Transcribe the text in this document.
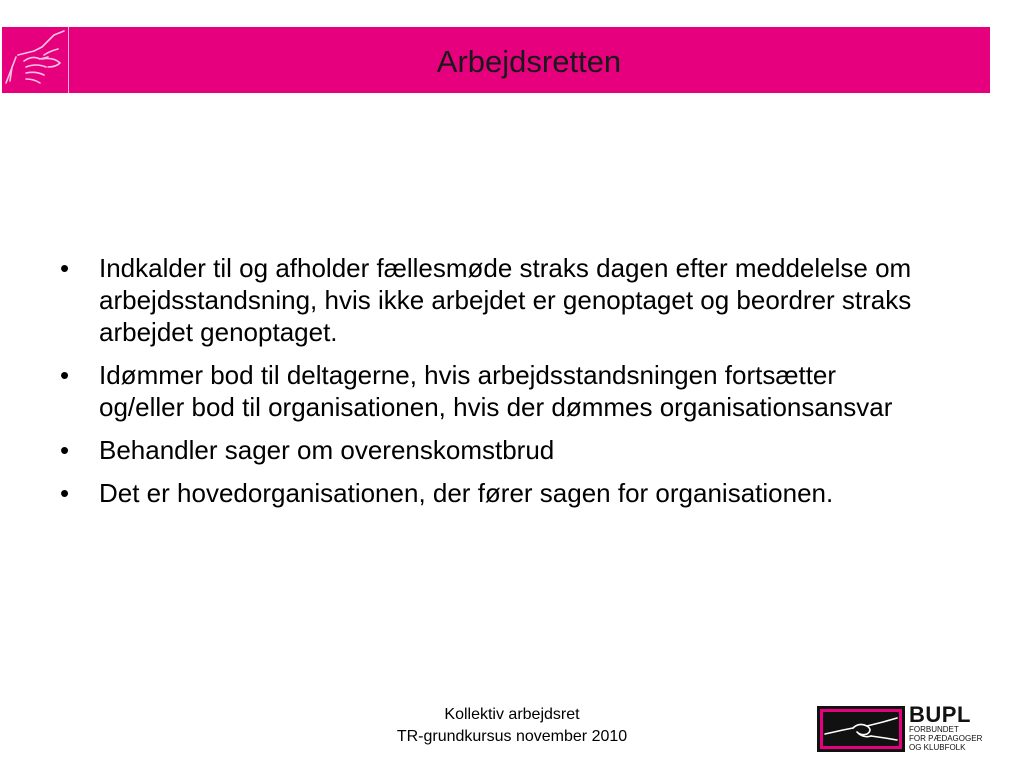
Arbejdsretten
• Indkalder til og afholder fællesmøde straks dagen efter meddelelse om arbejdsstandsning, hvis ikke arbejdet er genoptaget og beordrer straks arbejdet genoptaget.
• Idømmer bod til deltagerne, hvis arbejdsstandsningen fortsætter og/eller bod til organisationen, hvis der dømmes organisationsansvar
• Behandler sager om overenskomstbrud
• Det er hovedorganisationen, der fører sagen for organisationen.
Kollektiv arbejdsret
TR-grundkursus november 2010
BUPL
FORBUNDET
FOR PÆDAGOGER
OG KLUBFOLK
